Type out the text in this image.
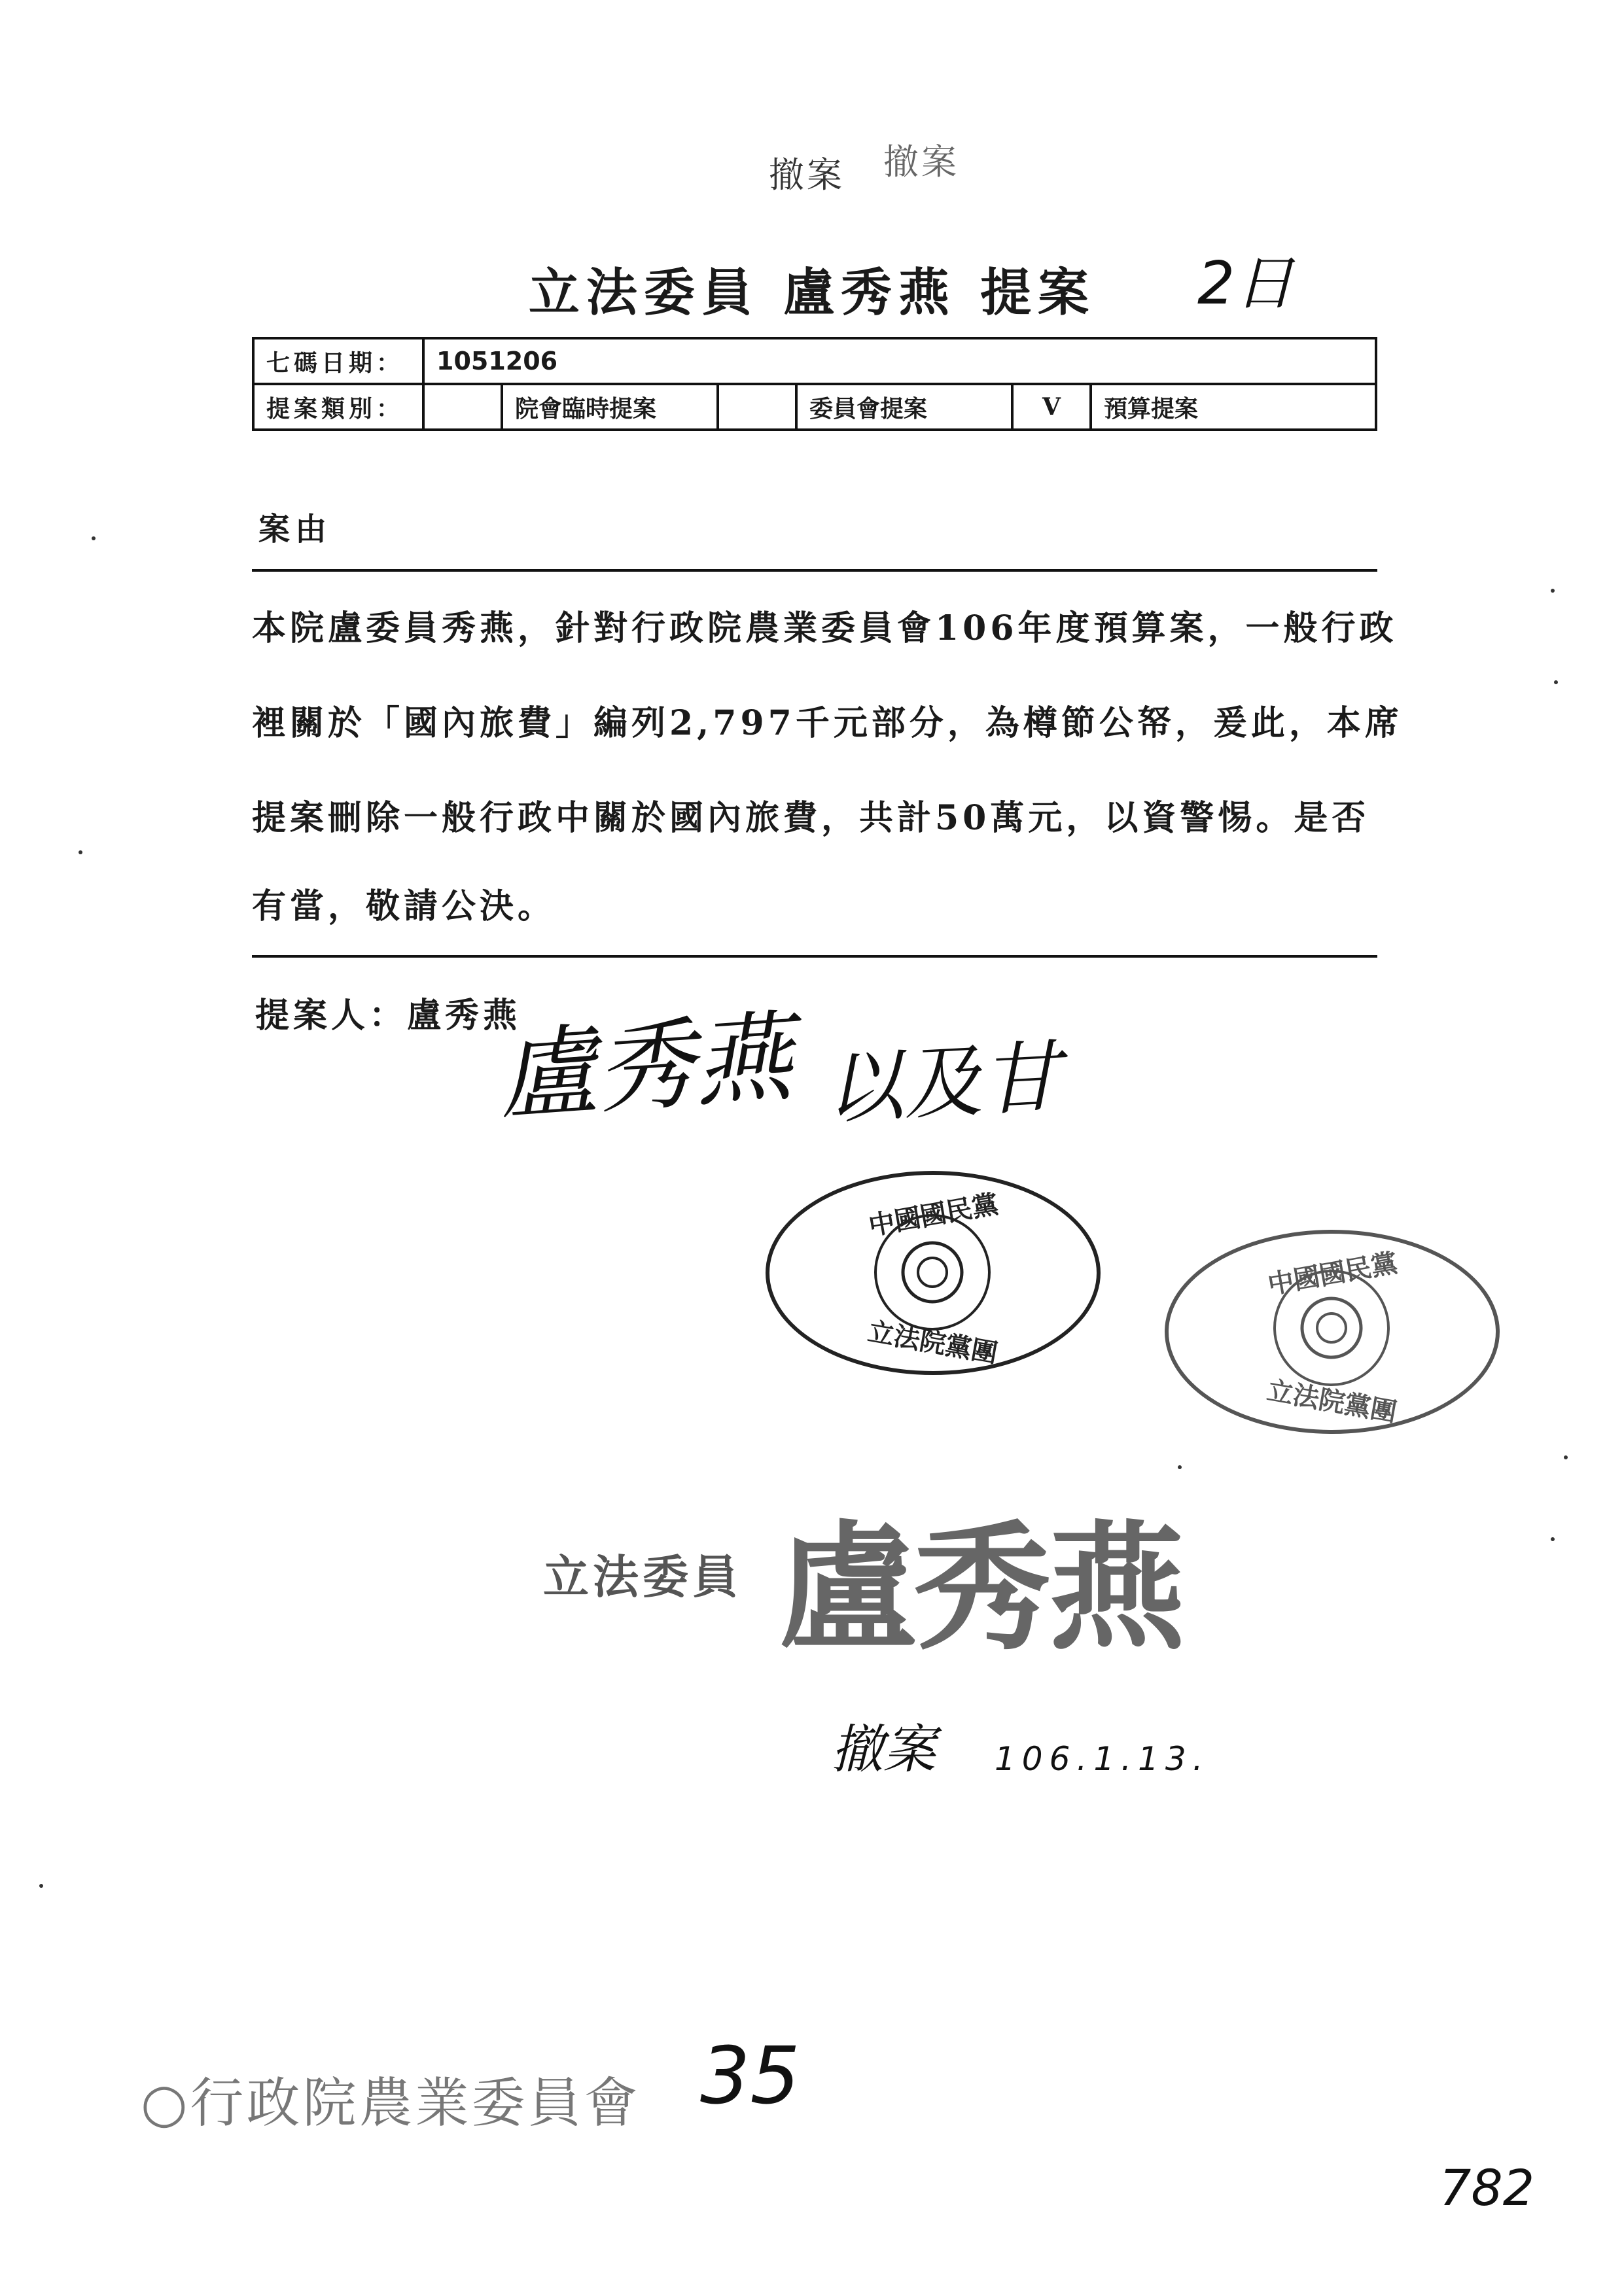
撤案 撤案
立法委員 盧秀燕 提案	2日
七碼日期：	1051206					
提案類別：		院會臨時提案		委員會提案	V	預算提案
案由
本院盧委員秀燕，針對行政院農業委員會106年度預算案，一般行政
裡關於「國內旅費」編列2,797千元部分，為樽節公帑，爰此，本席
提案刪除一般行政中關於國內旅費，共計50萬元，以資警惕。是否
有當，敬請公決。
提案人：盧秀燕
盧秀燕 以及甘
中國國民黨
立法院黨團
中國國民黨
立法院黨團
立法委員 盧秀燕
撤案 106.1.13.
○行政院農業委員會 35
782
